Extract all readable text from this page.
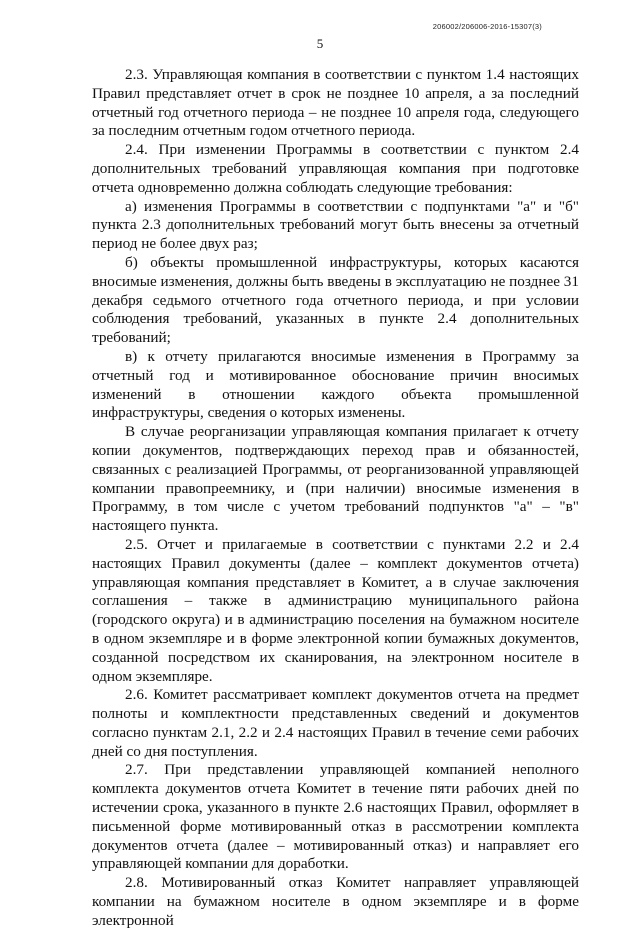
206002/206006-2016-15307(3)
5

2.3. Управляющая компания в соответствии с пунктом 1.4 настоящих Правил представляет отчет в срок не позднее 10 апреля, а за последний отчетный год отчетного периода – не позднее 10 апреля года, следующего за последним отчетным годом отчетного периода.

2.4. При изменении Программы в соответствии с пунктом 2.4 дополнительных требований управляющая компания при подготовке отчета одновременно должна соблюдать следующие требования:

а) изменения Программы в соответствии с подпунктами "а" и "б" пункта 2.3 дополнительных требований могут быть внесены за отчетный период не более двух раз;

б) объекты промышленной инфраструктуры, которых касаются вносимые изменения, должны быть введены в эксплуатацию не позднее 31 декабря седьмого отчетного года отчетного периода, и при условии соблюдения требований, указанных в пункте 2.4 дополнительных требований;

в) к отчету прилагаются вносимые изменения в Программу за отчетный год и мотивированное обоснование причин вносимых изменений в отношении каждого объекта промышленной инфраструктуры, сведения о которых изменены.

В случае реорганизации управляющая компания прилагает к отчету копии документов, подтверждающих переход прав и обязанностей, связанных с реализацией Программы, от реорганизованной управляющей компании правопреемнику, и (при наличии) вносимые изменения в Программу, в том числе с учетом требований подпунктов "а" – "в" настоящего пункта.

2.5. Отчет и прилагаемые в соответствии с пунктами 2.2 и 2.4 настоящих Правил документы (далее – комплект документов отчета) управляющая компания представляет в Комитет, а в случае заключения соглашения – также в администрацию муниципального района (городского округа) и в администрацию поселения на бумажном носителе в одном экземпляре и в форме электронной копии бумажных документов, созданной посредством их сканирования, на электронном носителе в одном экземпляре.

2.6. Комитет рассматривает комплект документов отчета на предмет полноты и комплектности представленных сведений и документов согласно пунктам 2.1, 2.2 и 2.4 настоящих Правил в течение семи рабочих дней со дня поступления.

2.7. При представлении управляющей компанией неполного комплекта документов отчета Комитет в течение пяти рабочих дней по истечении срока, указанного в пункте 2.6 настоящих Правил, оформляет в письменной форме мотивированный отказ в рассмотрении комплекта документов отчета (далее – мотивированный отказ) и направляет его управляющей компании для доработки.

2.8. Мотивированный отказ Комитет направляет управляющей компании на бумажном носителе в одном экземпляре и в форме электронной
